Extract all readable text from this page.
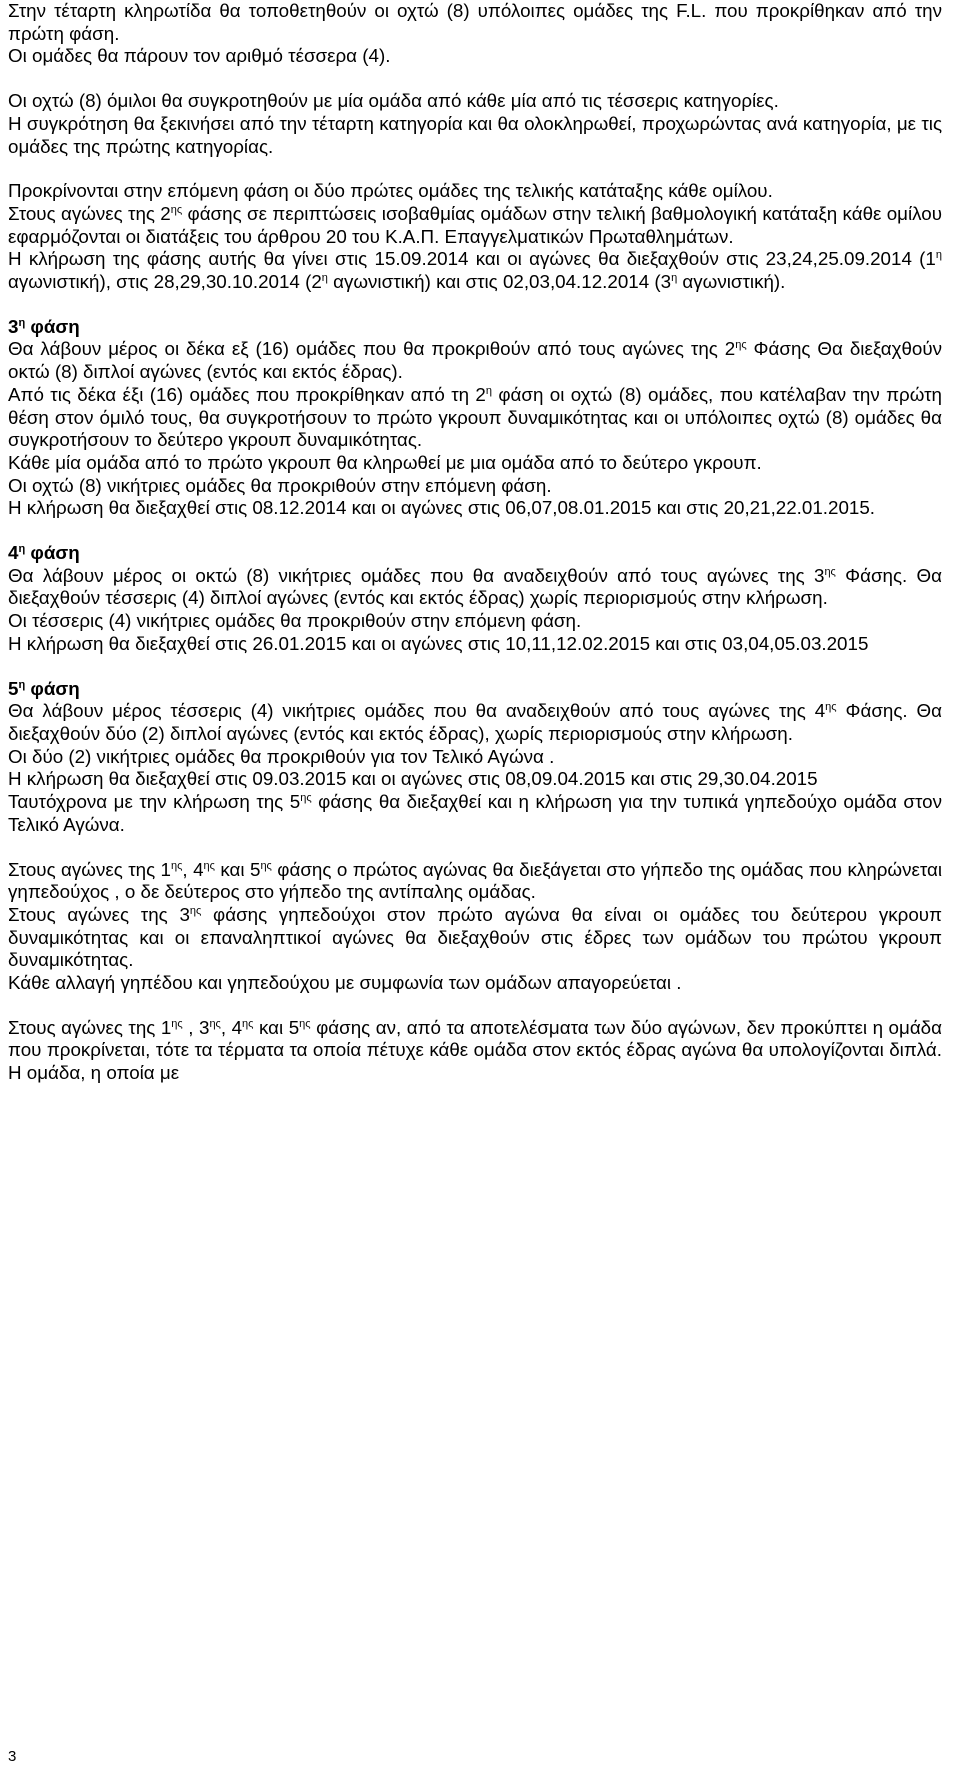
Στην τέταρτη κληρωτίδα θα τοποθετηθούν οι οχτώ (8) υπόλοιπες ομάδες της F.L. που προκρίθηκαν από την πρώτη φάση.

Οι ομάδες θα πάρουν τον αριθμό τέσσερα (4).

Οι οχτώ (8) όμιλοι θα συγκροτηθούν με μία ομάδα από κάθε μία από τις τέσσερις κατηγορίες.

Η συγκρότηση θα ξεκινήσει από την τέταρτη κατηγορία και θα ολοκληρωθεί, προχωρώντας ανά κατηγορία, με τις ομάδες της πρώτης κατηγορίας.

Προκρίνονται στην επόμενη φάση οι δύο πρώτες ομάδες της τελικής κατάταξης κάθε ομίλου.

Στους αγώνες της $2^{\eta\varsigma}$ φάσης σε περιπτώσεις ισοβαθμίας ομάδων στην τελική βαθμολογική κατάταξη κάθε ομίλου εφαρμόζονται οι διατάξεις του άρθρου 20 του Κ.Α.Π. Επαγγελματικών Πρωταθλημάτων.

Η κλήρωση της φάσης αυτής θα γίνει στις 15.09.2014 και οι αγώνες θα διεξαχθούν στις 23,24,25.09.2014 ($1^\eta$ αγωνιστική), στις 28,29,30.10.2014 ($2^\eta$ αγωνιστική) και στις 02,03,04.12.2014 ($3^\eta$ αγωνιστική).

$3^\eta$ φάση

Θα λάβουν μέρος οι δέκα εξ (16) ομάδες που θα προκριθούν από τους αγώνες της $2^{\eta\varsigma}$ Φάσης Θα διεξαχθούν οκτώ (8) διπλοί αγώνες (εντός και εκτός έδρας).

Από τις δέκα έξι (16) ομάδες που προκρίθηκαν από τη $2^\eta$ φάση οι οχτώ (8) ομάδες, που κατέλαβαν την πρώτη θέση στον όμιλό τους, θα συγκροτήσουν το πρώτο γκρουπ δυναμικότητας και οι υπόλοιπες οχτώ (8) ομάδες θα συγκροτήσουν το δεύτερο γκρουπ δυναμικότητας.

Κάθε μία ομάδα από το πρώτο γκρουπ θα κληρωθεί με μια ομάδα από το δεύτερο γκρουπ.

Οι οχτώ (8) νικήτριες ομάδες θα προκριθούν στην επόμενη φάση.

Η κλήρωση θα διεξαχθεί στις 08.12.2014 και οι αγώνες στις 06,07,08.01.2015 και στις 20,21,22.01.2015.

$4^\eta$ φάση

Θα λάβουν μέρος οι οκτώ (8) νικήτριες ομάδες που θα αναδειχθούν από τους αγώνες της $3^{\eta\varsigma}$ Φάσης. Θα διεξαχθούν τέσσερις (4) διπλοί αγώνες (εντός και εκτός έδρας) χωρίς περιορισμούς στην κλήρωση.

Οι τέσσερις (4) νικήτριες ομάδες θα προκριθούν στην επόμενη φάση.

Η κλήρωση θα διεξαχθεί στις 26.01.2015 και οι αγώνες στις 10,11,12.02.2015 και στις 03,04,05.03.2015

$5^\eta$ φάση

Θα λάβουν μέρος τέσσερις (4) νικήτριες ομάδες που θα αναδειχθούν από τους αγώνες της $4^{\eta\varsigma}$ Φάσης. Θα διεξαχθούν δύο (2) διπλοί αγώνες (εντός και εκτός έδρας), χωρίς περιορισμούς στην κλήρωση.

Οι δύο (2) νικήτριες ομάδες θα προκριθούν για τον Τελικό Αγώνα .

Η κλήρωση θα διεξαχθεί στις 09.03.2015 και οι αγώνες στις 08,09.04.2015 και στις 29,30.04.2015

Ταυτόχρονα με την κλήρωση της $5^{\eta\varsigma}$ φάσης θα διεξαχθεί και η κλήρωση για την τυπικά γηπεδούχο ομάδα στον Τελικό Αγώνα.

Στους αγώνες της $1^{\eta\varsigma}$, $4^{\eta\varsigma}$ και $5^{\eta\varsigma}$ φάσης ο πρώτος αγώνας θα διεξάγεται στο γήπεδο της ομάδας που κληρώνεται γηπεδούχος , ο δε δεύτερος στο γήπεδο της αντίπαλης ομάδας.

Στους αγώνες της $3^{\eta\varsigma}$ φάσης γηπεδούχοι στον πρώτο αγώνα θα είναι οι ομάδες του δεύτερου γκρουπ δυναμικότητας και οι επαναληπτικοί αγώνες θα διεξαχθούν στις έδρες των ομάδων του πρώτου γκρουπ δυναμικότητας.

Κάθε αλλαγή γηπέδου και γηπεδούχου με συμφωνία των ομάδων απαγορεύεται .

Στους αγώνες της $1^{\eta\varsigma}$ , $3^{\eta\varsigma}$, $4^{\eta\varsigma}$ και $5^{\eta\varsigma}$ φάσης αν, από τα αποτελέσματα των δύο αγώνων, δεν προκύπτει η ομάδα που προκρίνεται, τότε τα τέρματα τα οποία πέτυχε κάθε ομάδα στον εκτός έδρας αγώνα θα υπολογίζονται διπλά. Η ομάδα, η οποία με

3
